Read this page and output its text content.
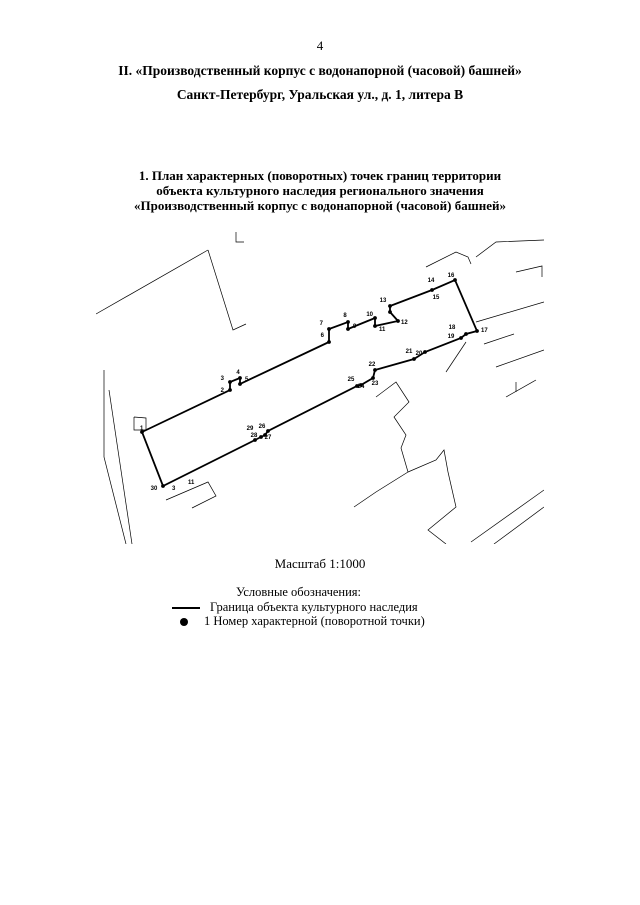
4
II. «Производственный корпус с водонапорной (часовой) башней»
Санкт-Петербург, Уральская ул., д. 1, литера В
1. План характерных (поворотных) точек границ территории
объекта культурного наследия регионального значения
«Производственный корпус с водонапорной (часовой) башней»
1
2
3
4
5
6
7
8
9
10
11
12
13
14
15
16
17
18
19
20
21
22
23
24
25
26
27
28
29
30 3
11
Масштаб 1:1000
Условные обозначения:
Граница объекта культурного наследия
1 Номер характерной (поворотной точки)
